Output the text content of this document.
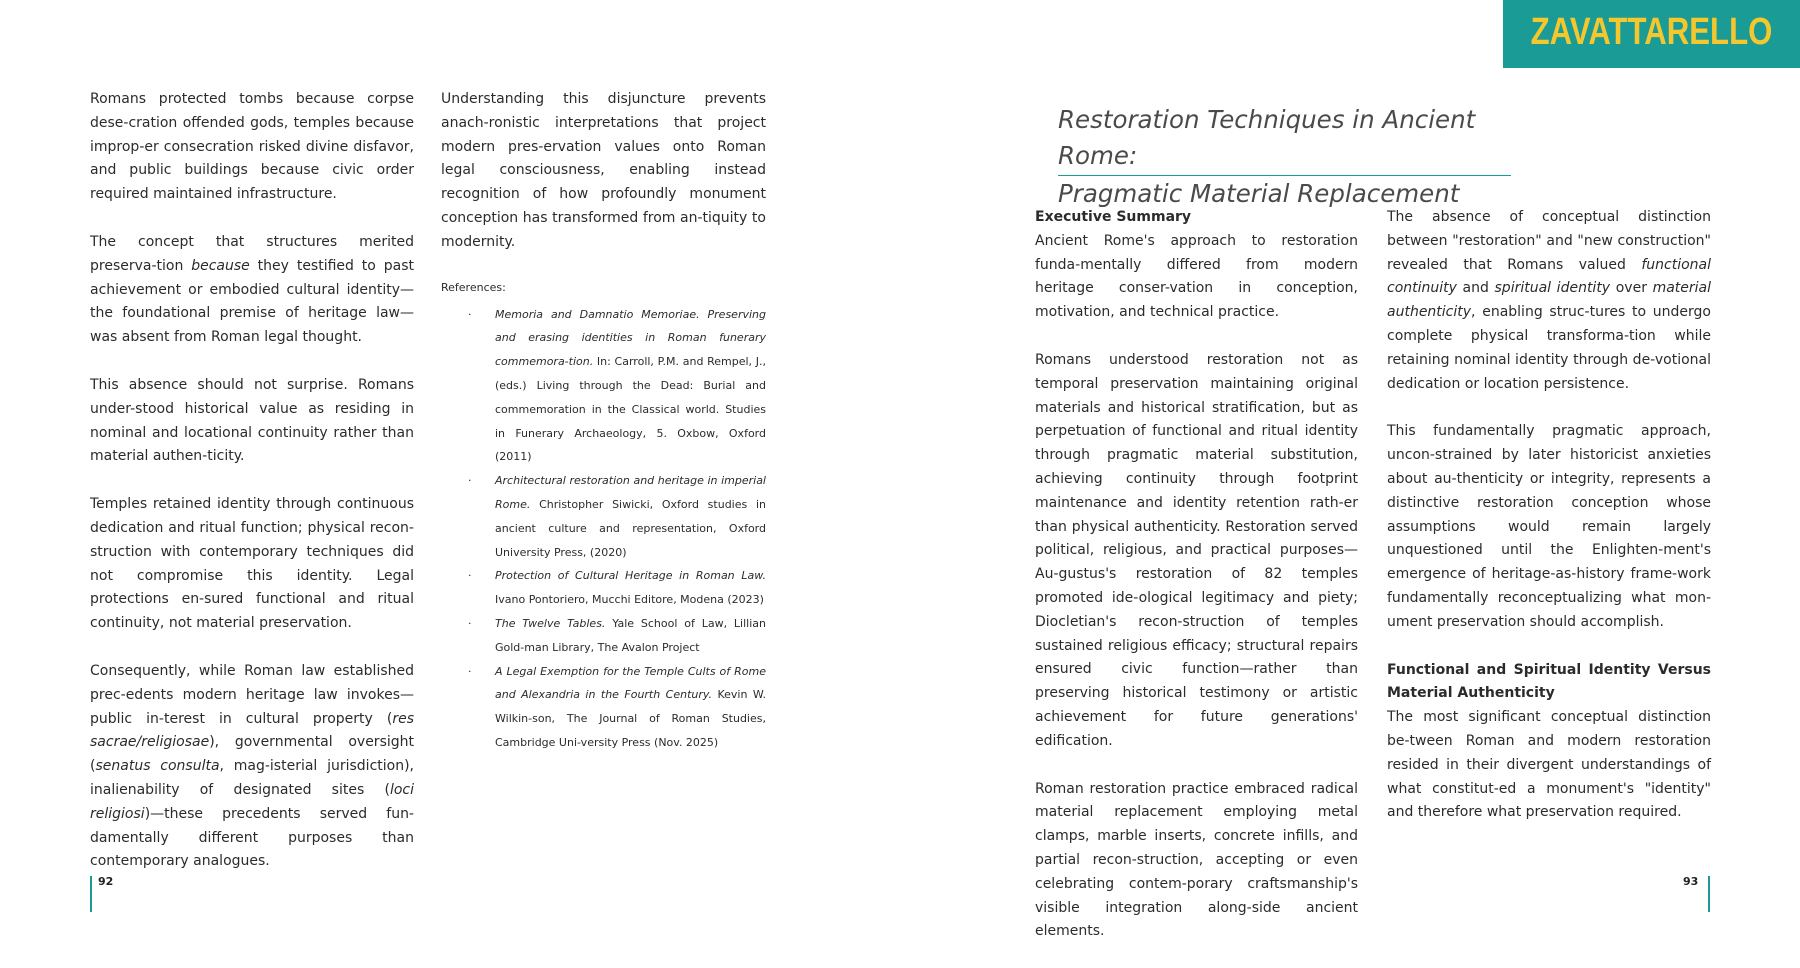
ZAVATTARELLO

Romans protected tombs because corpse dese-cration offended gods, temples because improp-er consecration risked divine disfavor, and public buildings because civic order required maintained infrastructure.

The concept that structures merited preserva-tion because they testified to past achievement or embodied cultural identity—the foundational premise of heritage law—was absent from Roman legal thought.

This absence should not surprise. Romans under-stood historical value as residing in nominal and locational continuity rather than material authen-ticity.

Temples retained identity through continuous dedication and ritual function; physical recon-struction with contemporary techniques did not compromise this identity. Legal protections en-sured functional and ritual continuity, not material preservation.

Consequently, while Roman law established prec-edents modern heritage law invokes—public in-terest in cultural property (res sacrae/religiosae), governmental oversight (senatus consulta, mag-isterial jurisdiction), inalienability of designated sites (loci religiosi)—these precedents served fun-damentally different purposes than contemporary analogues.

Understanding this disjuncture prevents anach-ronistic interpretations that project modern pres-ervation values onto Roman legal consciousness, enabling instead recognition of how profoundly monument conception has transformed from an-tiquity to modernity.

References:
· Memoria and Damnatio Memoriae. Preserving and erasing identities in Roman funerary commemora-tion. In: Carroll, P.M. and Rempel, J., (eds.) Living through the Dead: Burial and commemoration in the Classical world. Studies in Funerary Archaeology, 5. Oxbow, Oxford (2011)
· Architectural restoration and heritage in imperial Rome. Christopher Siwicki, Oxford studies in ancient culture and representation, Oxford University Press, (2020)
· Protection of Cultural Heritage in Roman Law. Ivano Pontoriero, Mucchi Editore, Modena (2023)
· The Twelve Tables. Yale School of Law, Lillian Gold-man Library, The Avalon Project
· A Legal Exemption for the Temple Cults of Rome and Alexandria in the Fourth Century. Kevin W. Wilkin-son, The Journal of Roman Studies, Cambridge Uni-versity Press (Nov. 2025)
Restoration Techniques in Ancient Rome:
Pragmatic Material Replacement

Executive Summary
Ancient Rome's approach to restoration funda-mentally differed from modern heritage conser-vation in conception, motivation, and technical practice.

Romans understood restoration not as temporal preservation maintaining original materials and historical stratification, but as perpetuation of functional and ritual identity through pragmatic material substitution, achieving continuity through footprint maintenance and identity retention rath-er than physical authenticity. Restoration served political, religious, and practical purposes—Au-gustus's restoration of 82 temples promoted ide-ological legitimacy and piety; Diocletian's recon-struction of temples sustained religious efficacy; structural repairs ensured civic function—rather than preserving historical testimony or artistic achievement for future generations' edification.

Roman restoration practice embraced radical material replacement employing metal clamps, marble inserts, concrete infills, and partial recon-struction, accepting or even celebrating contem-porary craftsmanship's visible integration along-side ancient elements.

The absence of conceptual distinction between "restoration" and "new construction" revealed that Romans valued functional continuity and spiritual identity over material authenticity, enabling struc-tures to undergo complete physical transforma-tion while retaining nominal identity through de-votional dedication or location persistence.

This fundamentally pragmatic approach, uncon-strained by later historicist anxieties about au-thenticity or integrity, represents a distinctive restoration conception whose assumptions would remain largely unquestioned until the Enlighten-ment's emergence of heritage-as-history frame-work fundamentally reconceptualizing what mon-ument preservation should accomplish.

Functional and Spiritual Identity Versus Material Authenticity
The most significant conceptual distinction be-tween Roman and modern restoration resided in their divergent understandings of what constitut-ed a monument's "identity" and therefore what preservation required.

92	93
